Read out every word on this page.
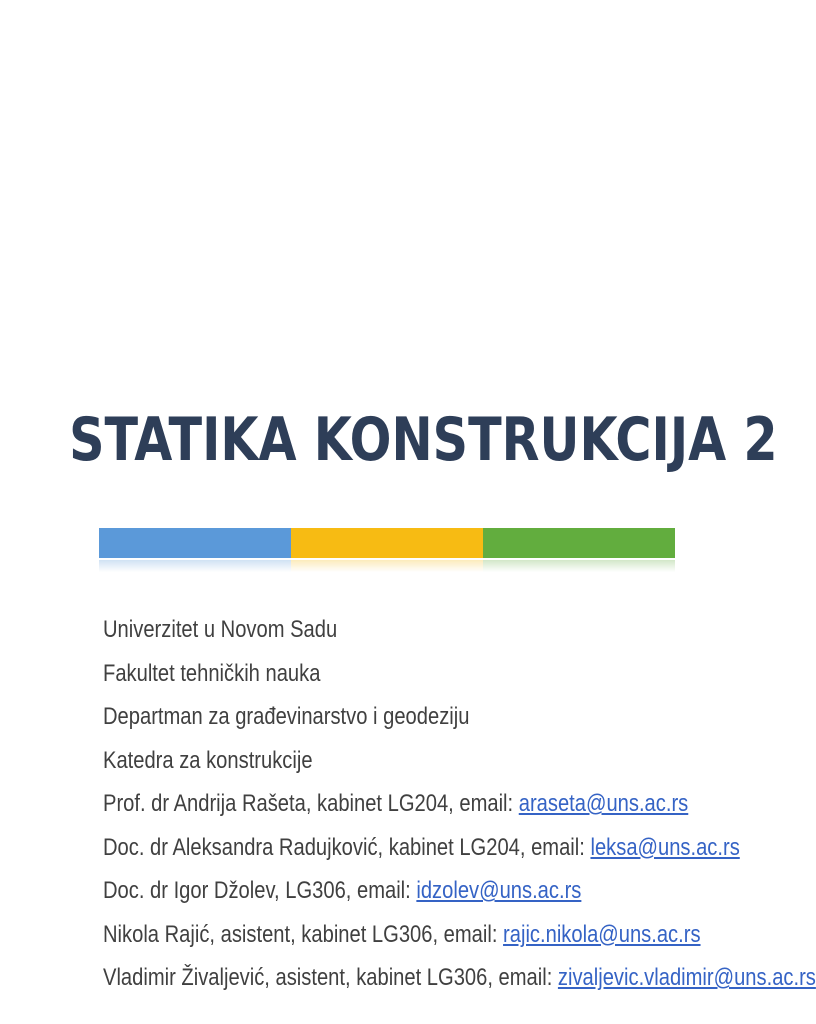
STATIKA KONSTRUKCIJA 2
Univerzitet u Novom Sadu
Fakultet tehničkih nauka
Departman za građevinarstvo i geodeziju
Katedra za konstrukcije
Prof. dr Andrija Rašeta, kabinet LG204, email: araseta@uns.ac.rs
Doc. dr Aleksandra Radujković, kabinet LG204, email: leksa@uns.ac.rs
Doc. dr Igor Džolev, LG306, email: idzolev@uns.ac.rs
Nikola Rajić, asistent, kabinet LG306, email: rajic.nikola@uns.ac.rs
Vladimir Živaljević, asistent, kabinet LG306, email: zivaljevic.vladimir@uns.ac.rs
